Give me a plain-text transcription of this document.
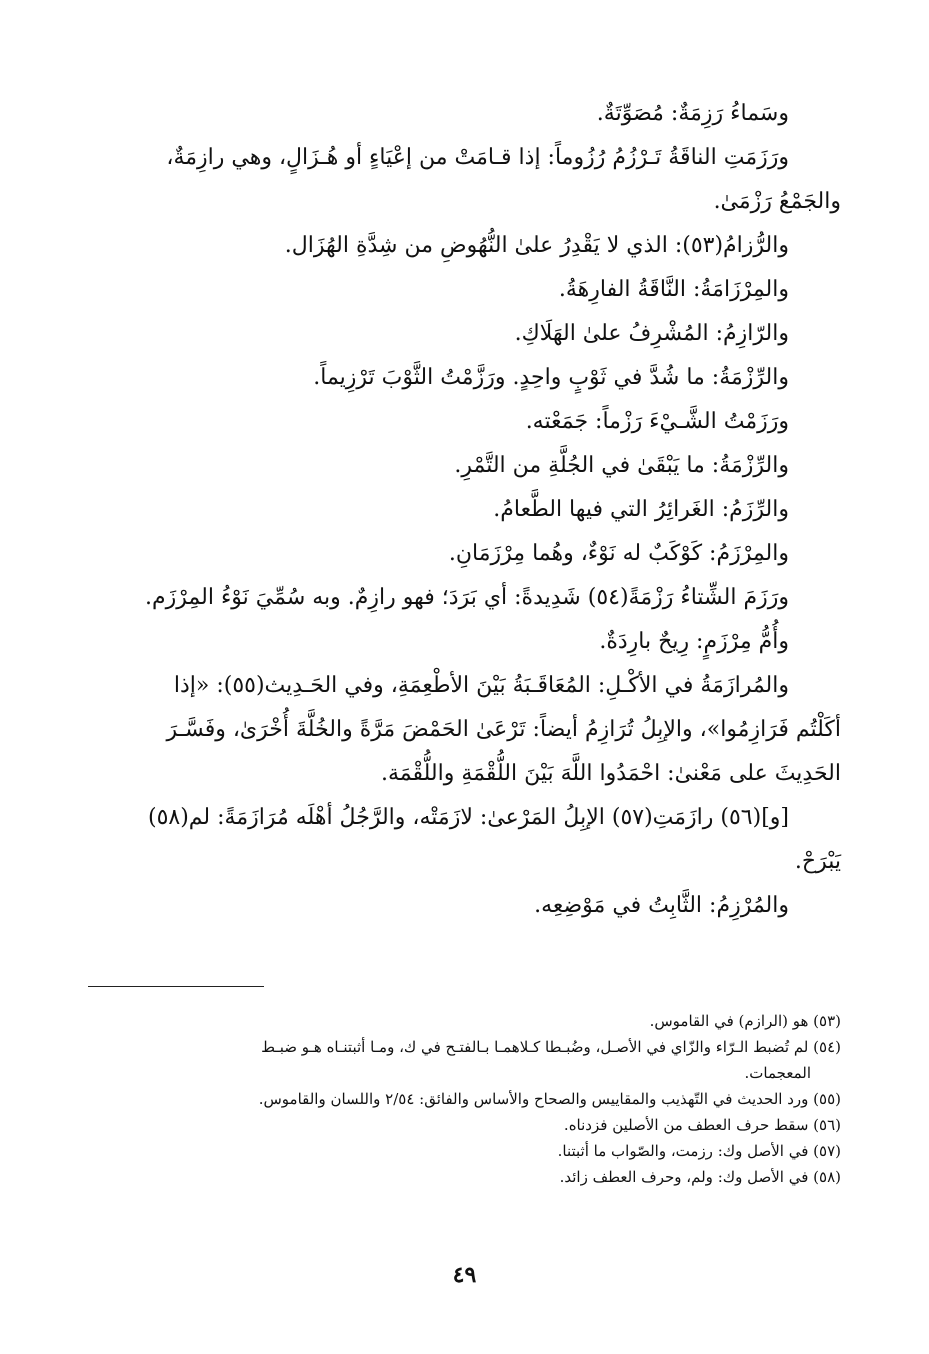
وسَماءُ رَزِمَةٌ: مُصَوِّتَةٌ.
ورَزَمَتِ الناقَةُ تَـرْزُمُ رُزُوماً: إذا قـامَتْ من إعْيَاءٍ أو هُـزَالٍ، وهي رازِمَةٌ،
والجَمْعُ رَزْمَىٰ.
والرُّزامُ(٥٣): الذي لا يَقْدِرُ علىٰ النُّهُوضِ من شِدَّةِ الهُزَال.
والمِرْزَامَةُ: النَّاقَةُ الفارِهَةُ.
والرّازِمُ: المُشْرِفُ علىٰ الهَلَاكِ.
والرِّزْمَةُ: ما شُدَّ في ثَوْبٍ واحِدٍ. ورَزَّمْتُ الثَّوْبَ تَرْزِيماً.
ورَزَمْتُ الشَّـيْءَ رَزْماً: جَمَعْته.
والرِّزْمَةُ: ما يَبْقَىٰ في الجُلَّةِ من التَّمْرِ.
والرِّزَمُ: الغَرائِرُ التي فيها الطَّعامُ.
والمِرْزَمُ: كَوْكَبٌ له نَوْءٌ، وهُما مِرْزَمَانِ.
ورَزَمَ الشِّتاءُ رَزْمَةً(٥٤) شَدِيدةً: أي بَرَدَ؛ فهو رازِمٌ. وبه سُمِّيَ نَوْءُ المِرْزَم.
وأُمُّ مِرْزَمٍ: رِيحٌ بارِدَةٌ.
والمُرازَمَةُ في الأكْـلِ: المُعَاقَـبَةُ بَيْنَ الأطْعِمَةِ، وفي الحَـدِيث(٥٥): «إذا
أكَلْتُم فَرَازِمُوا»، والإبِلُ تُرَازِمُ أيضاً: تَرْعَىٰ الحَمْضَ مَرَّةً والخُلَّةَ أُخْرَىٰ، وفَسَّـرَ
الحَدِيثَ على مَعْنىٰ: احْمَدُوا اللَّهَ بَيْنَ اللُّقْمَةِ واللُّقْمَة.
[و](٥٦) رازَمَتِ(٥٧) الإبِلُ المَرْعىٰ: لازَمَتْه، والرَّجُلُ أهْلَه مُرَازَمَةً: لم(٥٨)
يَبْرَحْ.
والمُرْزِمُ: الثَّابِتُ في مَوْضِعِه.
(٥٣) هو (الرازم) في القاموس.
(٥٤) لم تُضبط الـرّاء والزّاي في الأصـل، وضُبـطا كـلاهمـا بـالفتـح في ك، ومـا أثبتنـاه هـو ضبـط
المعجمات.
(٥٥) ورد الحديث في التّهذيب والمقاييس والصحاح والأساس والفائق: ٢/٥٤ واللسان والقاموس.
(٥٦) سقط حرف العطف من الأصلين فزدناه.
(٥٧) في الأصل وك: رزمت، والصّواب ما أثبتنا.
(٥٨) في الأصل وك: ولم، وحرف العطف زائد.
٤٩
